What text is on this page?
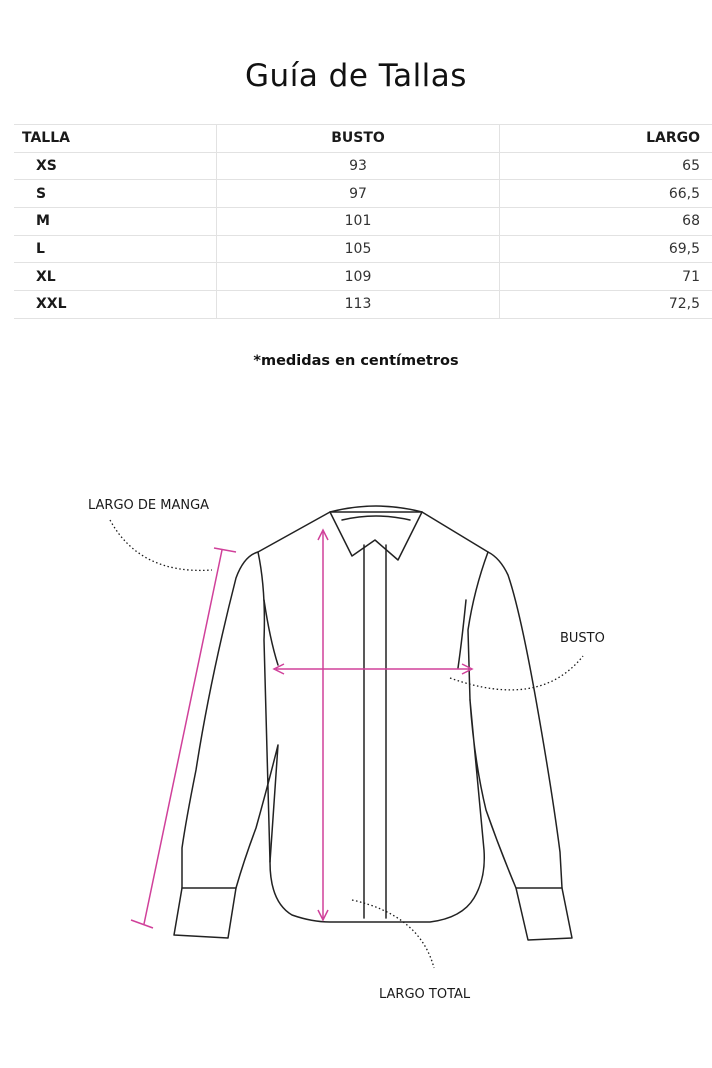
Guía de Tallas
TALLA	BUSTO	LARGO
XS	93	65
S	97	66,5
M	101	68
L	105	69,5
XL	109	71
XXL	113	72,5
*medidas en centímetros
LARGO DE MANGA
BUSTO
LARGO TOTAL
